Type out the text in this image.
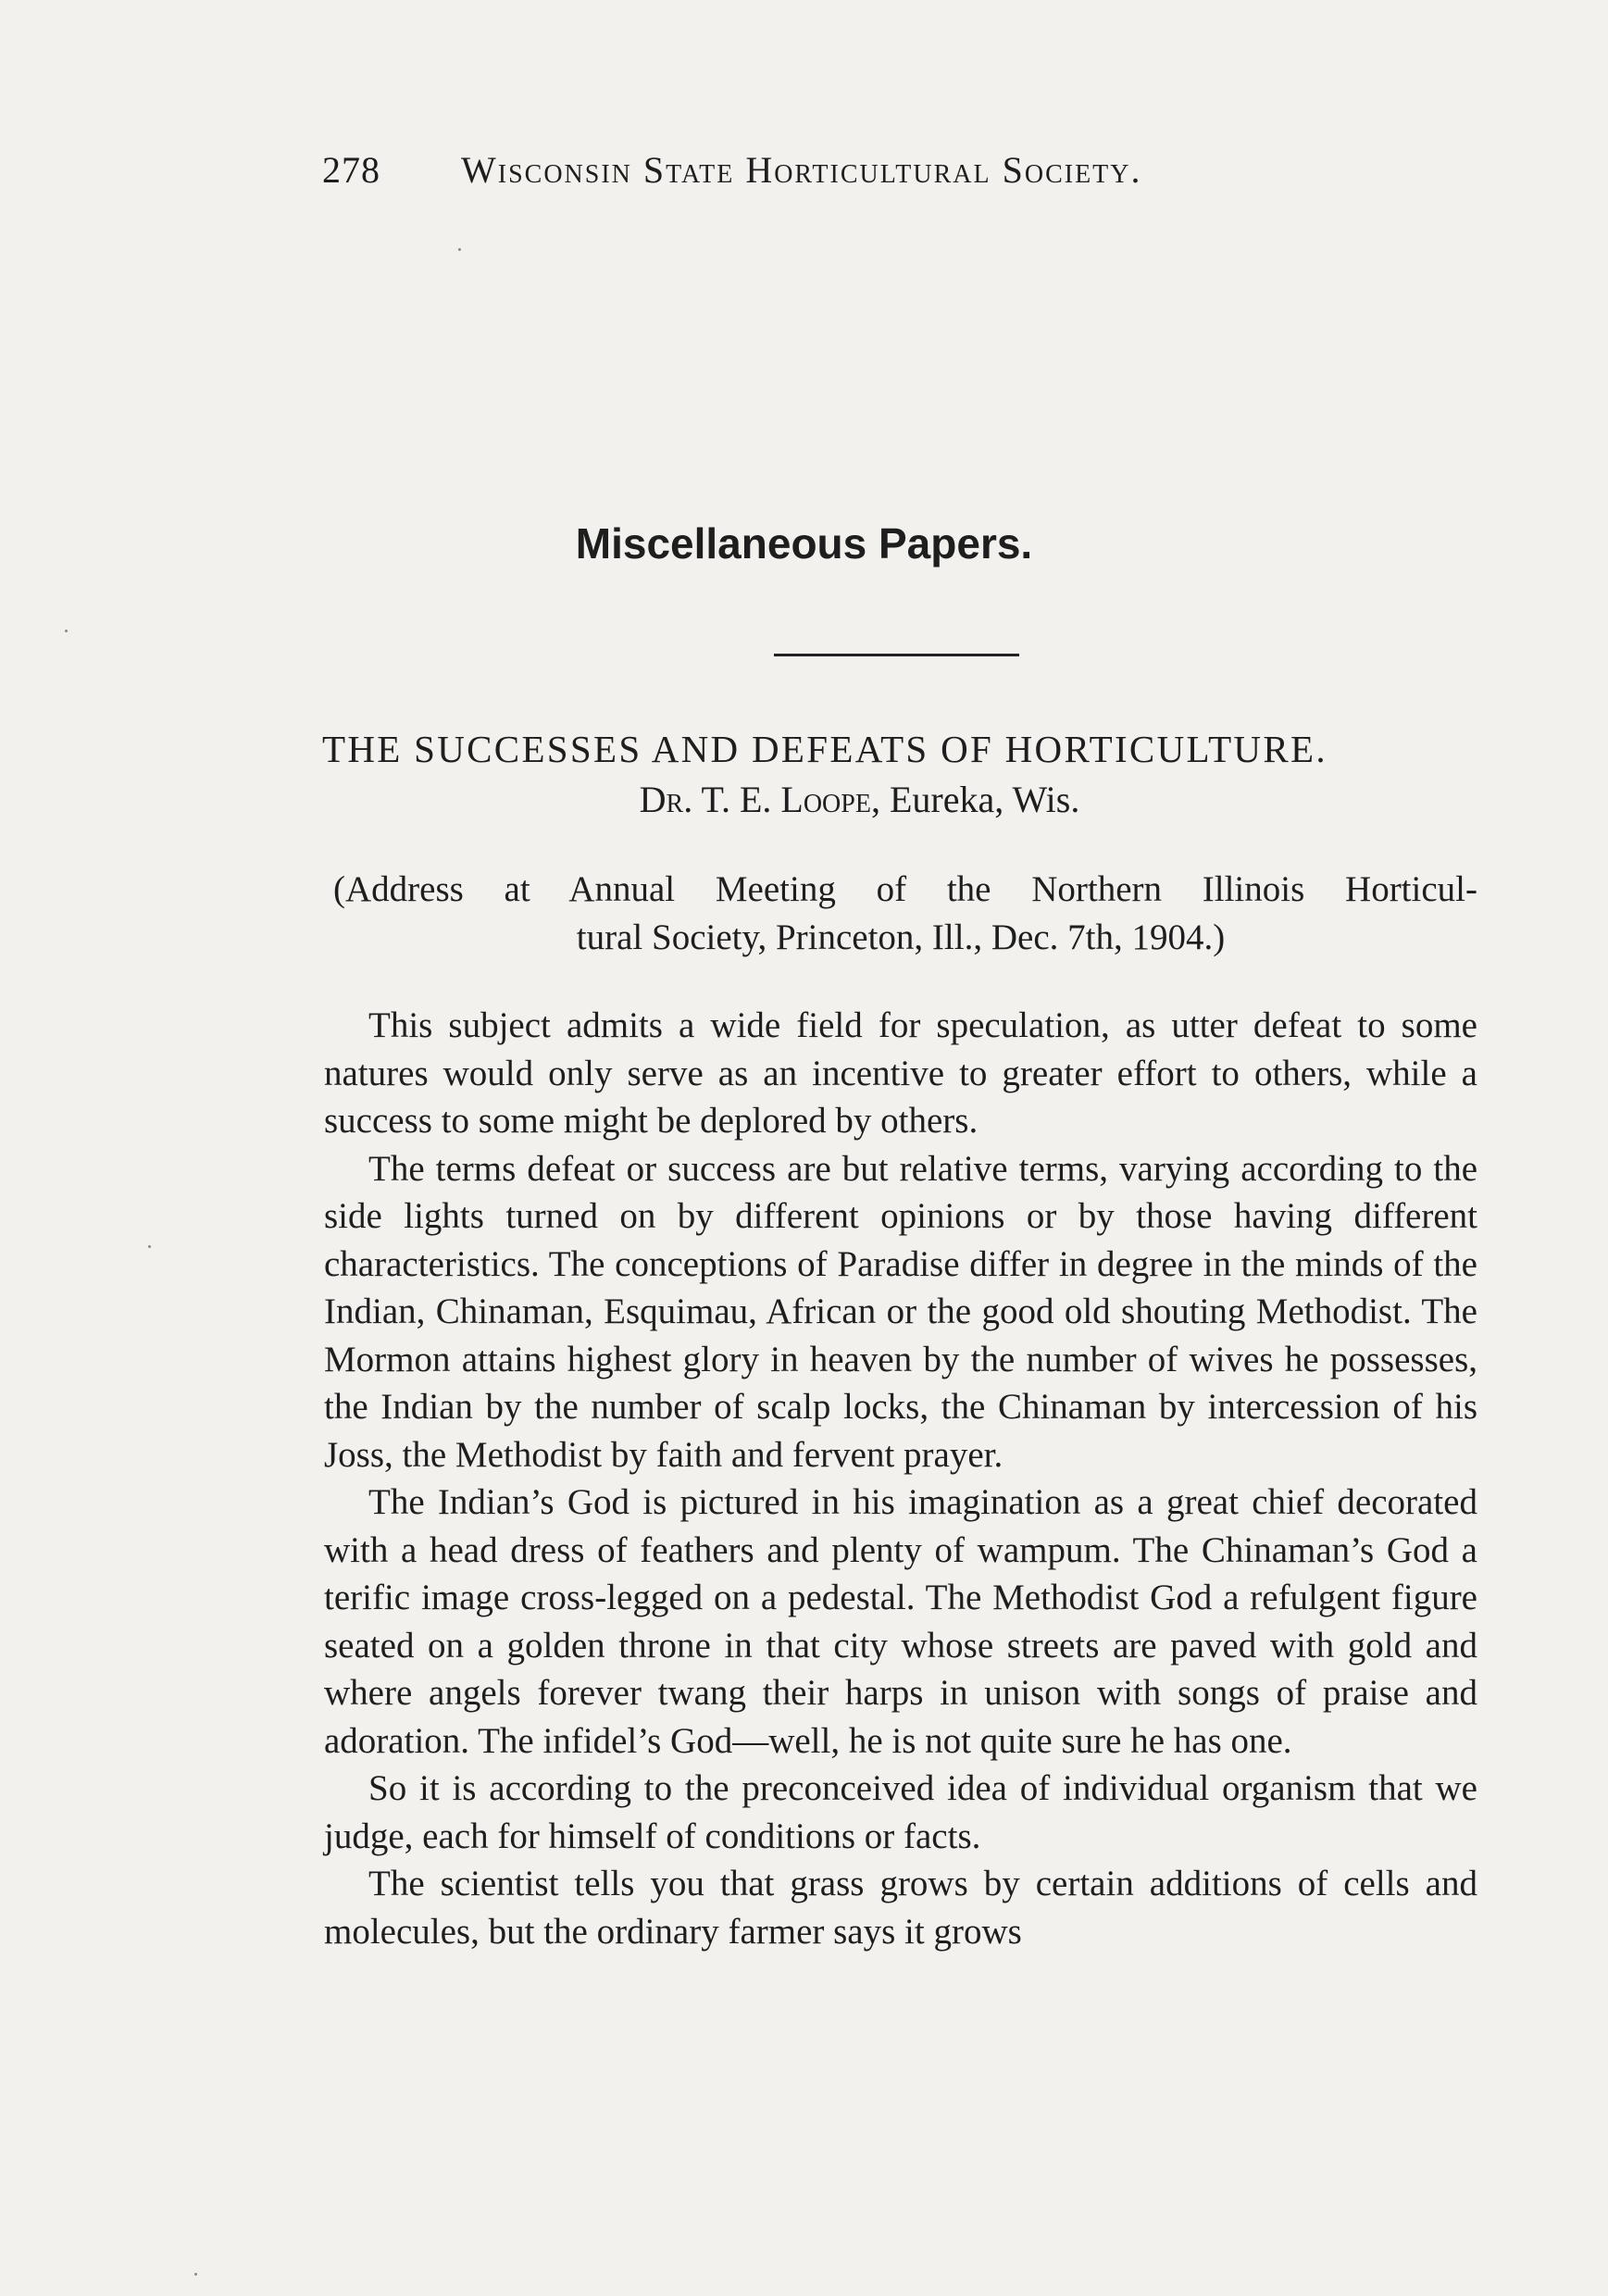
278 Wisconsin State Horticultural Society.
Miscellaneous Papers.
THE SUCCESSES AND DEFEATS OF HORTICULTURE.
Dr. T. E. Loope, Eureka, Wis.

(Address at Annual Meeting of the Northern Illinois Horticul-
tural Society, Princeton, Ill., Dec. 7th, 1904.)

This subject admits a wide field for speculation, as utter defeat to some natures would only serve as an incentive to greater effort to others, while a success to some might be deplored by others.

The terms defeat or success are but relative terms, varying according to the side lights turned on by different opinions or by those having different characteristics. The conceptions of Paradise differ in degree in the minds of the Indian, Chinaman, Esquimau, African or the good old shouting Methodist. The Mormon attains highest glory in heaven by the number of wives he possesses, the Indian by the number of scalp locks, the Chinaman by intercession of his Joss, the Methodist by faith and fervent prayer.

The Indian’s God is pictured in his imagination as a great chief decorated with a head dress of feathers and plenty of wampum. The Chinaman’s God a terific image cross-legged on a pedestal. The Methodist God a refulgent figure seated on a golden throne in that city whose streets are paved with gold and where angels forever twang their harps in unison with songs of praise and adoration. The infidel’s God—well, he is not quite sure he has one.

So it is according to the preconceived idea of individual organism that we judge, each for himself of conditions or facts.

The scientist tells you that grass grows by certain additions of cells and molecules, but the ordinary farmer says it grows
